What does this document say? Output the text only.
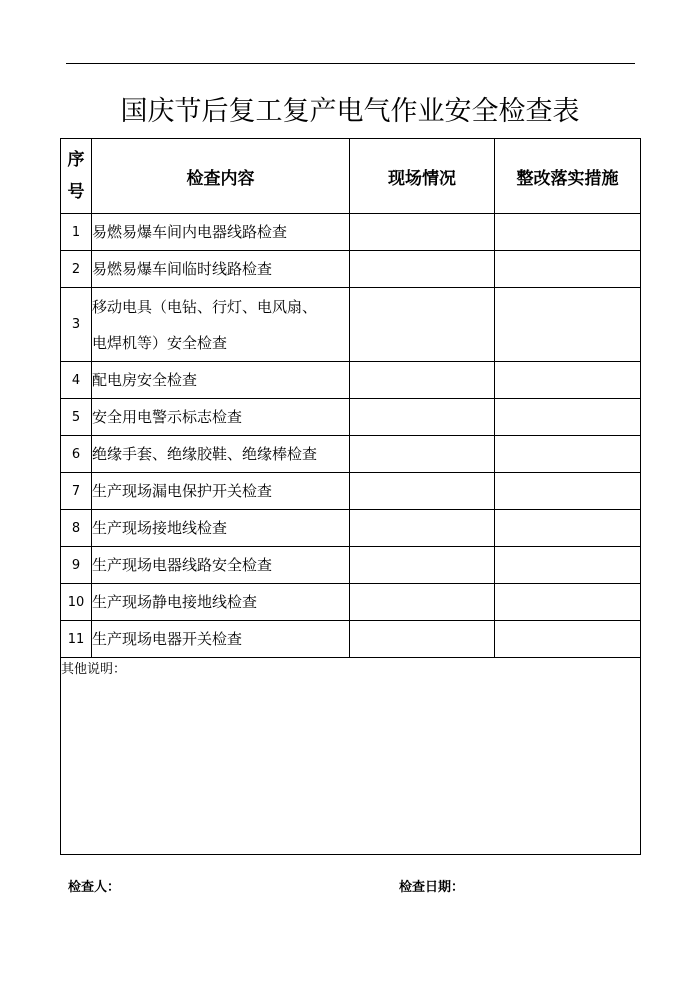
国庆节后复工复产电气作业安全检查表
序
号	检查内容	现场情况	整改落实措施
1	易燃易爆车间内电器线路检查		
2	易燃易爆车间临时线路检查		
3	移动电具（电钻、行灯、电风扇、
电焊机等）安全检查		
4	配电房安全检查		
5	安全用电警示标志检查		
6	绝缘手套、绝缘胶鞋、绝缘棒检查		
7	生产现场漏电保护开关检查		
8	生产现场接地线检查		
9	生产现场电器线路安全检查		
10	生产现场静电接地线检查		
11	生产现场电器开关检查		
其他说明：			
检查人：	检查日期：
